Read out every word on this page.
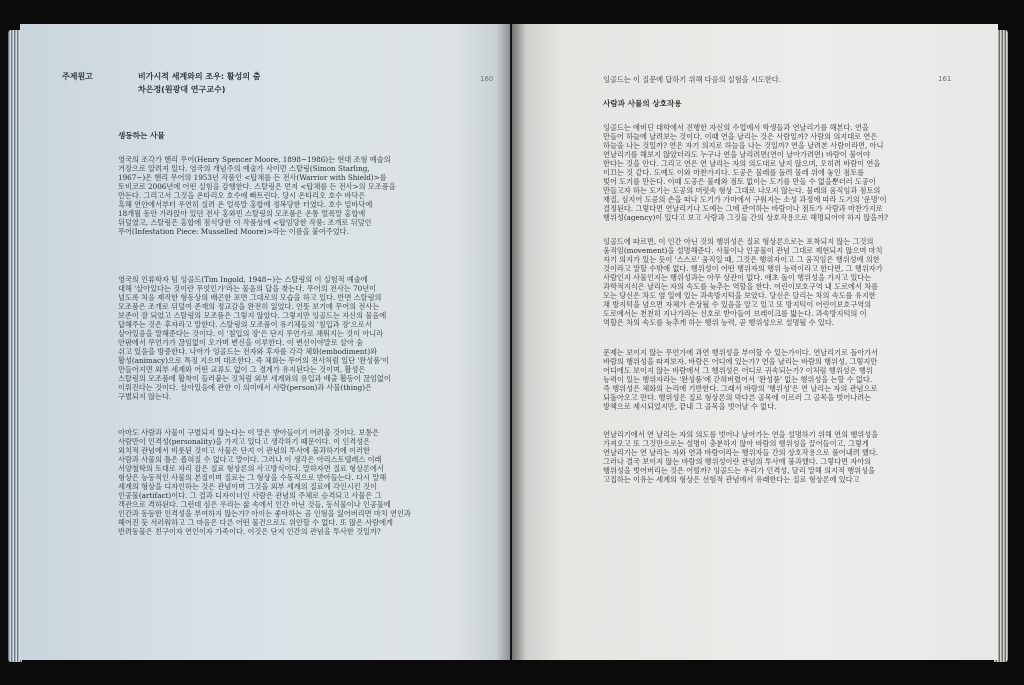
주제원고	비가시적 세계와의 조우: 활성의 춤
차은정(원광대 연구교수)
160
생동하는 사물
영국의 조각가 헨리 무어(Henry Spencer Moore, 1898~1986)는 현대 조형 예술의
거장으로 알려져 있다. 영국의 개념주의 예술가 사이먼 스탈링(Simon Starling,
1967~)은 헨리 무어의 1953년 작품인 <탑채를 든 전사(Warrior with Shield)>를
토비코로 2006년에 어떤 실험을 감행한다. 스탈링은 먼저 <탑채를 든 전사>의 모조품을
만든다. 그리고서 그것을 온타리오 호수에 빠트린다. 당시 온타리오 호수 바닥은
흑해 연안에서부터 우연히 실려 온 얼룩말 홍합에 정복당한 터였다. 호수 밑바닥에
18개월 동안 가라앉아 있던 전사 홍와빈 스탈링의 모조품은 온통 얼룩말 홍합에
뒤덮였고, 스탈링은 홍합에 점식당한 이 작품상에 <탑임당한 작품: 조개로 뒤덮인
무어(Infestation Piece: Musselled Moore)>라는 이름을 붙여주었다.
영국의 인류학자 팀 잉골드(Tim Ingold, 1948~)는 스탈링의 이 실험적 예술에
대해 '살아있다는 것이란 무엇인가'라는 물음의 답을 찾는다. 무어의 전사는 70년이
넘도록 처음 제작한 형동상의 배곤한 포면 그대로의 모습을 하고 있다. 반면 스탈링의
모조품은 조개로 뒤덮여 존재의 정교감을 완전히 잃었다. 언뜻 보기에 무어의 전사는
보존이 잘 되었고 스탈링의 모조품은 그렇지 않았다. 그렇지만 잉골드는 자신의 물음에
답해주는 것은 후자라고 말한다. 스탈링의 모조품이 유기체들의 '침입과 장'으로서
살아있음을 말해준다는 것이다. 이 '침입의 장'은 단지 무언가로 채워지는 것이 아니라
안팎에서 무언가가 끊임없이 오가며 변신을 이루한다. 이 변신이야말로 살아 숨
쉬고 있음을 방증한다. 나아가 잉골드는 전자와 후자를 각각 체화(embodiment)와
활성(animacy)으로 특징 지으며 대조한다. 즉 체화는 무어의 전사처럼 일단 '완성품'이
만들어지면 외부 세계와 어떤 교류도 없이 그 경계가 유지된다는 것이며, 활성은
스탈링의 모조품에 활착이 들러붙는 것처럼 외부 세계와의 유입과 배출 활동이 끊임없이
이뤄진다는 것이다. 살아있음에 관한 이 의미에서 사람(person)과 사물(thing)은
구별되지 않는다.
아마도 사람과 사물이 구별되지 않는다는 이 말은 받아들이기 어려울 것이다. 보통은
사람만이 인격성(personality)을 가지고 있다고 생각하기 때문이다. 이 인격성은
외치적 관념에서 비롯된 것이고 사물은 단지 이 관념의 투사에 불과하기에 이러한
사람과 사물의 틀은 좁혀질 수 없다고 말이다. 그러나 이 생각은 아리스토텔레스 이래
서양철학의 토대로 자리 잡은 질료 형상론의 사고방식이다. 말하자면 질료 형상론에서
형상은 능동적인 사물의 본질이며 질료는 그 형상을 수동적으로 받아들는다. 다시 말해
세계의 형상을 디자인하는 것은 관념이며 그것을 외부 세계의 질료에 각인시킨 것이
인공물(artifact)이다. 그 결과 디자이너인 사람은 관념의 주체로 승격되고 사물은 그
객관으로 격하된다. 그런데 심은 우리는 삶 속에서 인간 아닌 것들, 동식물이나 인공물에
인간과 동등한 인격성을 부여하지 않는가? 아이는 좋아하는 곰 인형을 잃어버리면 마치 연인과
헤어진 듯 서러워하고 그 마음은 다른 어떤 물건으로도 위안할 수 없다. 또 많은 사람에게
반려동물은 친구이자 연인이자 가족이다. 이것은 단지 인간의 관념을 투사한 것일까?
161
잉골드는 이 질문에 답하기 위해 다음의 실험을 시도한다.
사람과 사물의 상호작용
잉골드는 애버딘 대학에서 진행한 자신의 수업에서 학생들과 연날리기를 해본다. 연을
만들어 하늘에 날려보는 것이다. 이때 연을 날리는 것은 사람일까? 사람의 의지대로 연은
하늘을 나는 것일까? 연은 자기 의지로 하늘을 나는 것일까? 연을 날려본 사람이라면, 아니
연날리기를 해보지 않았더라도 누구나 연을 날리려면(연이 날아가려면) 바람이 불어야
한다는 것을 안다. 그리고 연은 연 날리는 자의 의도대로 날지 않으며, 오히려 바람이 연을
이끄는 것 같다. 도예도 이와 마찬가지다. 도공은 물레를 돌려 물레 위에 놓인 점토를
빚어 도기를 만든다. 이때 도공은 물레와 점토 없이는 도기를 만들 수 없을뿐더러 도공이
만들고자 하는 도기는 도공의 머릿속 형상 그대로 나오지 않는다. 물레의 움직임과 점토의
재질, 심지어 도공의 손을 떠나 도기가 가마에서 구워지는 소성 과정에 따라 도기의 '운명'이
결정된다. 그렇다면 연날리기나 도예는 그에 관여하는 바람이나 점토가 사람과 마찬가지로
행위성(agency)이 있다고 보고 사람과 그것들 간의 상호작용으로 해명되어야 하지 않을까?
잉골드에 따르면, 이 인간 아닌 것의 행위성은 질료 형상론으로는 포착되지 않는 그것의
움직임(movement)을 설명해준다. 사물이나 인공물이 관념 그대로 제현되지 않으며 마치
자기 의지가 있는 듯이 '스스로' 움직일 때, 그것은 행위자이고 그 움직임은 행위성에 의한
것이라고 말할 수밖에 없다. 행위성이 어떤 행위자의 행위 능력이라고 한다면, 그 행위자가
사람인지 사물인지는 행위성과는 아무 상관이 없다. 애초 돌이 행위성을 가지고 있다는
과학적지식은 날리는 자의 속도를 늦추는 역할을 한다. 어린이보호구역 내 도로에서 차를
모는 당신은 차도 옆 일에 있는 과속방지턱을 보았다. 당신은 달리는 차의 속도를 유지한
채 방지턱을 넘으면 자체가 손상될 수 있음을 알고 있고 또 방지턱이 어린이보호구역의
도로에서는 천천히 지나가라는 신호로 받아들여 브레이크를 밟는다. 과속방지턱의 이
역할은 차의 속도를 늦추게 하는 행위 능력, 곧 행위성으로 설명될 수 있다.
문제는 보이지 않는 무언가에 과연 행위성을 부여할 수 있는가이다. 연날리기로 돌아가서
바람의 행위성을 따져보자. 바람은 어디에 있는가? 연을 날리는 바람의 행위성, 그렇지만
어디에도 보이지 않는 바람에서 그 행위성은 어디로 귀속되는가? 이처럼 행위성은 행위
능력이 있는 행위자라는 '완성품'에 갇혀버렸어서 '완성품' 없는 행위성을 논할 수 없다.
즉 행위성은 체화의 논리에 기반한다. 그래서 바람의 '행위성'은 연 날리는 자의 관념으로
되돌아오고 만다. 행위성은 질료 형상론의 막다른 골목에 이르러 그 골목을 벗어나려는
방책으로 제시되었지만, 끝내 그 골목을 벗어날 수 없다.
연날리기에서 연 날리는 자의 의도를 벗어나 날아가는 연을 설명하기 위해 연의 행위성을
가져오고 또 그것만으로는 설명이 충분하지 않아 바람의 행위성을 끌어들이고, 그렇게
연날리기는 연 날리는 자와 연과 바람이라는 행위자들 간의 상호작용으로 풀어내려 했다.
그러나 결국 보이지 않는 바람의 행위성이란 관념의 투사에 불과했다. 그렇다면 자아의
행위성을 벗어버리는 것은 어떨까? 잉골드는 우리가 인격성, 달리 말해 의지적 행위성을
고집하는 이유는 세계의 형상은 선험적 관념에서 유래한다는 질료 형상론에 있다고
